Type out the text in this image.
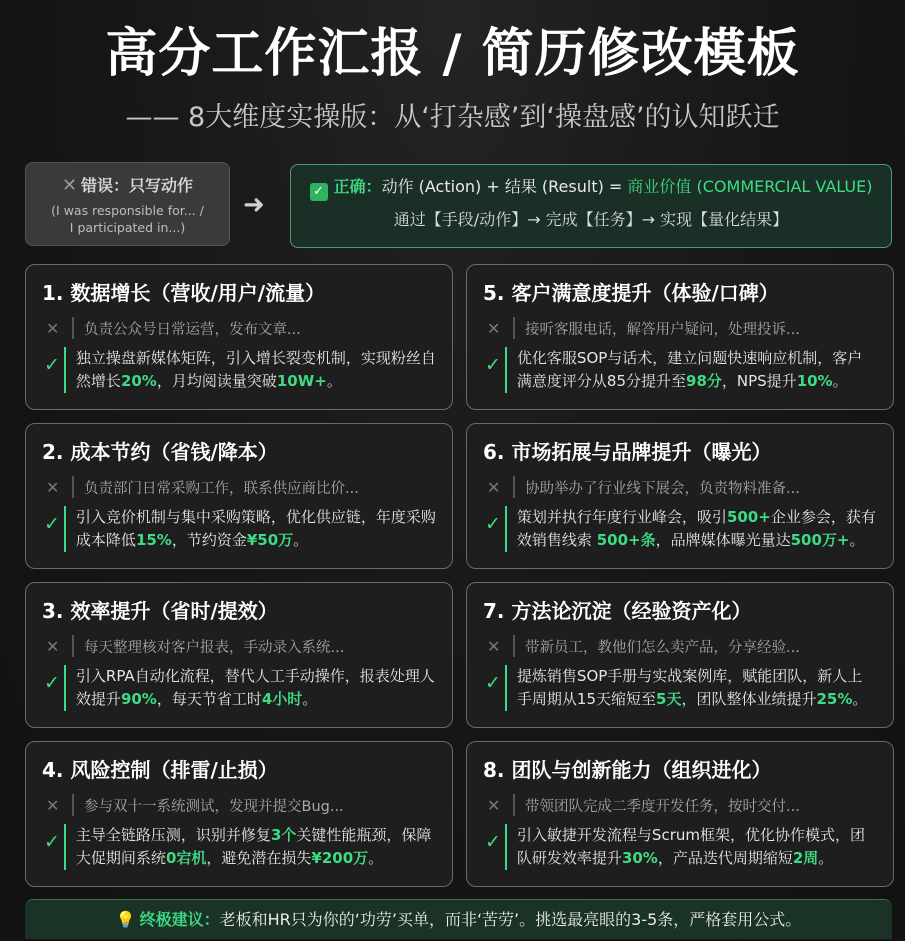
高分工作汇报 / 简历修改模板
—— 8大维度实操版：从‘打杂感’到‘操盘感’的认知跃迁
✕ 错误：只写动作
(I was responsible for... /
I participated in...)
➜	✓ 正确：动作 (Action) + 结果 (Result) = 商业价值 (COMMERCIAL VALUE)
通过【手段/动作】→ 完成【任务】→ 实现【量化结果】
1. 数据增长（营收/用户/流量）
✕	负责公众号日常运营，发布文章...
✓ 独立操盘新媒体矩阵，引入增长裂变机制，实现粉丝自然增长20%，月均阅读量突破10W+。
5. 客户满意度提升（体验/口碑）
✕	接听客服电话，解答用户疑问，处理投诉...
✓ 优化客服SOP与话术，建立问题快速响应机制，客户满意度评分从85分提升至98分，NPS提升10%。
2. 成本节约（省钱/降本）
✕	负责部门日常采购工作，联系供应商比价...
✓ 引入竞价机制与集中采购策略，优化供应链，年度采购成本降低15%，节约资金¥50万。
6. 市场拓展与品牌提升（曝光）
✕	协助举办了行业线下展会，负责物料准备...
✓ 策划并执行年度行业峰会，吸引500+企业参会，获有效销售线索 500+条，品牌媒体曝光量达500万+。
3. 效率提升（省时/提效）
✕	每天整理核对客户报表，手动录入系统...
✓ 引入RPA自动化流程，替代人工手动操作，报表处理人效提升90%，每天节省工时4小时。
7. 方法论沉淀（经验资产化）
✕	带新员工，教他们怎么卖产品，分享经验...
✓ 提炼销售SOP手册与实战案例库，赋能团队，新人上手周期从15天缩短至5天，团队整体业绩提升25%。
4. 风险控制（排雷/止损）
✕	参与双十一系统测试，发现并提交Bug...
✓ 主导全链路压测，识别并修复3个关键性能瓶颈，保障大促期间系统0宕机，避免潜在损失¥200万。
8. 团队与创新能力（组织进化）
✕	带领团队完成二季度开发任务，按时交付...
✓ 引入敏捷开发流程与Scrum框架，优化协作模式，团队研发效率提升30%，产品迭代周期缩短2周。
💡 终极建议：老板和HR只为你的‘功劳’买单，而非‘苦劳’。挑选最亮眼的3-5条，严格套用公式。
